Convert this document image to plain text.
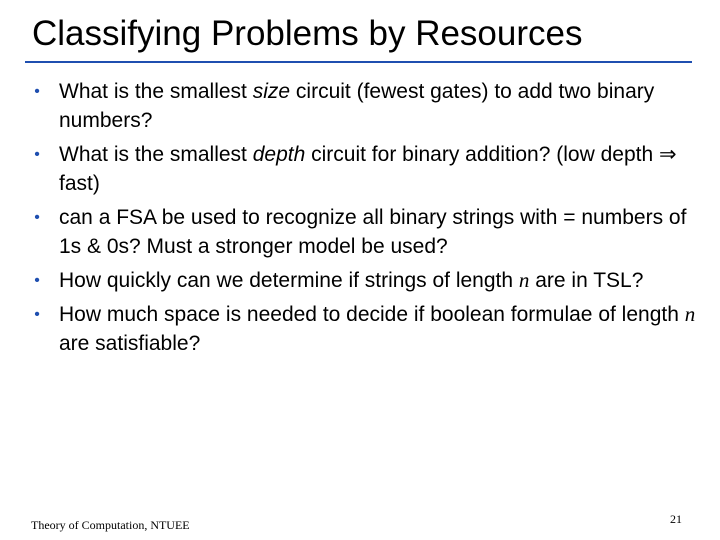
Classifying Problems by Resources
• What is the smallest size circuit (fewest gates) to add two binary numbers?
• What is the smallest depth circuit for binary addition? (low depth ⇒ fast)
• can a FSA be used to recognize all binary strings with = numbers of 1s & 0s? Must a stronger model be used?
• How quickly can we determine if strings of length n are in TSL?
• How much space is needed to decide if boolean formulae of length n are satisfiable?
Theory of Computation, NTUEE	21
